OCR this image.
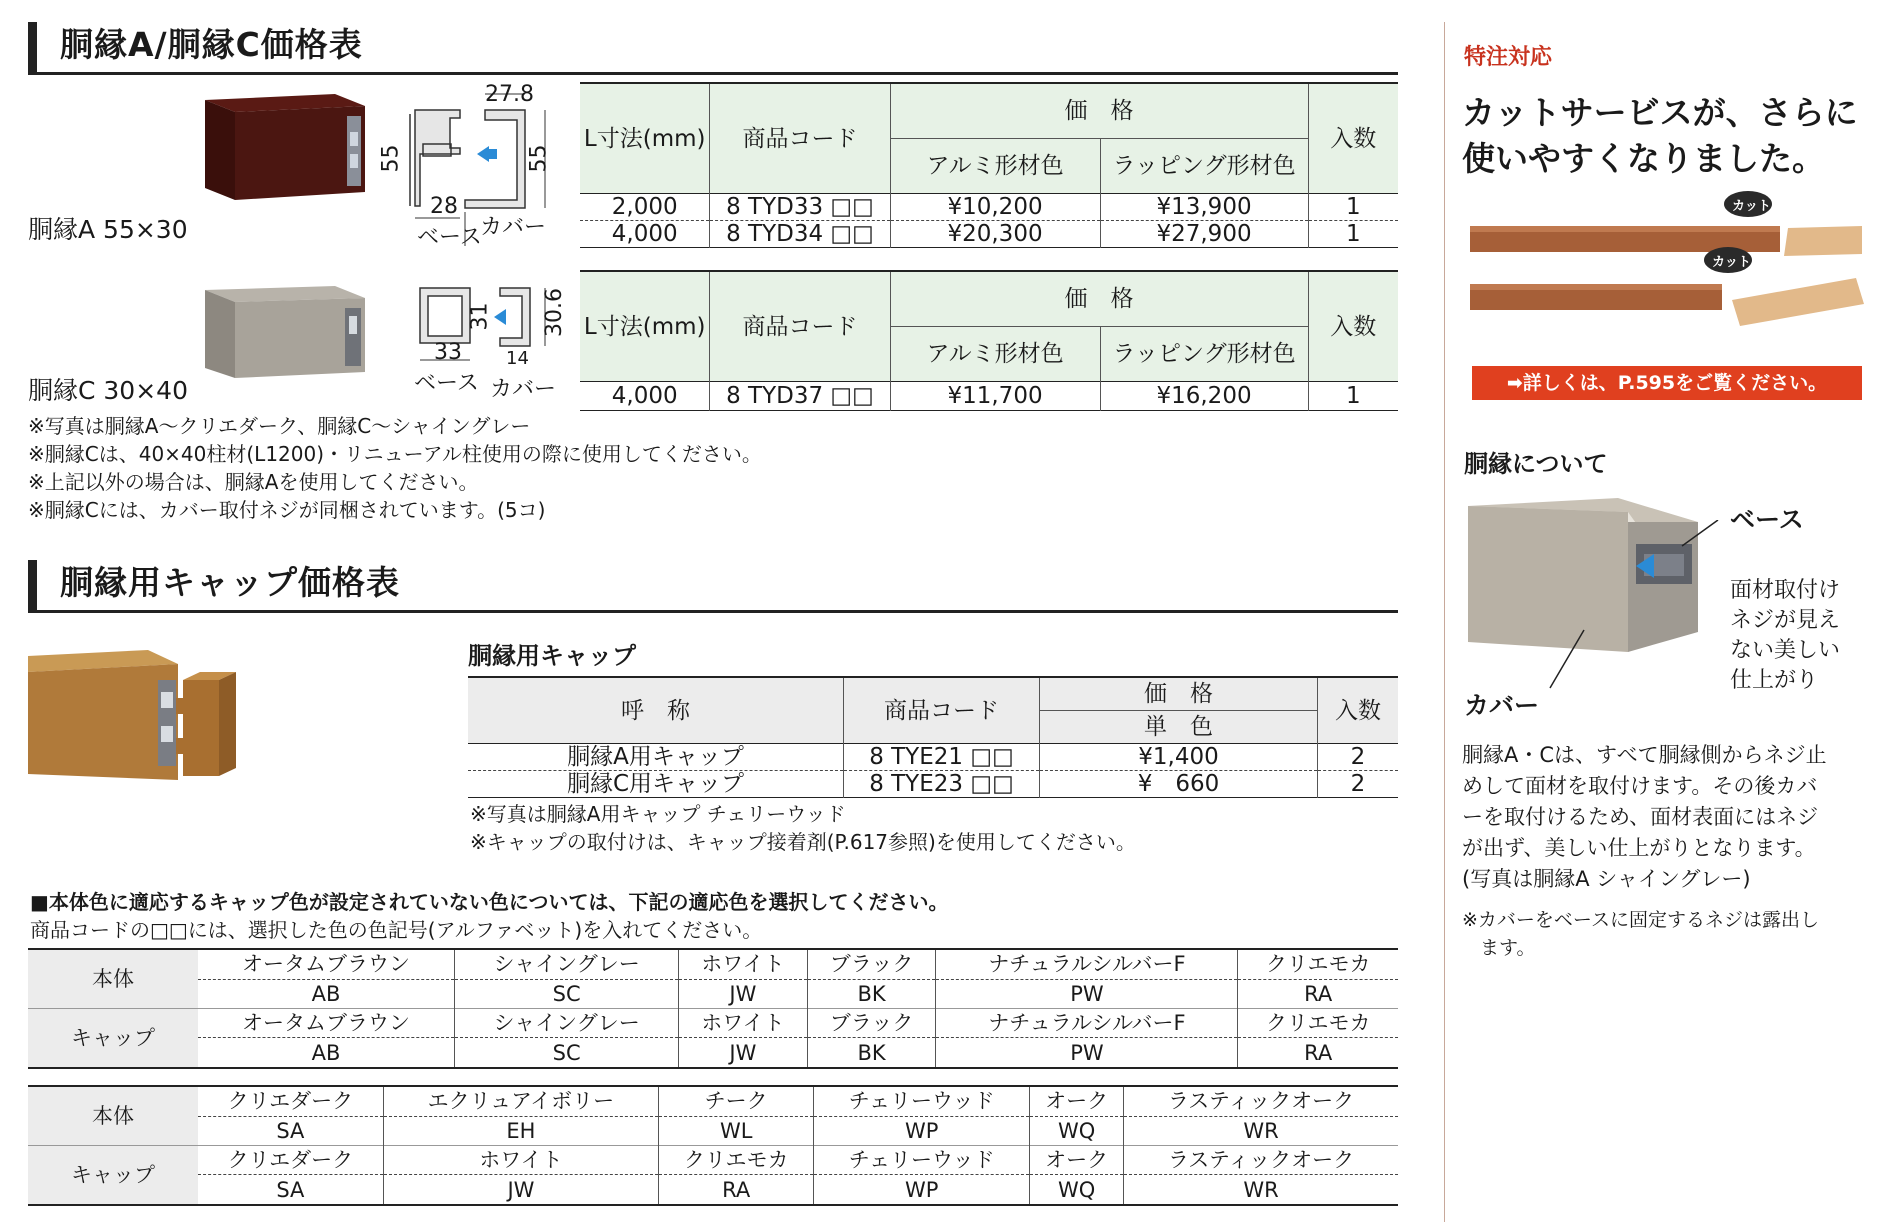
胴縁A/胴縁C価格表
胴縁A 55×30
27.8
55	55
28
ベース
カバー
L寸法(mm)	商品コード	価　格		入数
		アルミ形材色	ラッピング形材色	
2,000	8 TYD33 □□	¥10,200	¥13,900	1
4,000	8 TYD34 □□	¥20,300	¥27,900	1
胴縁C 30×40
33
31 30.6
14
ベース カバー
L寸法(mm)	商品コード	価　格		入数
		アルミ形材色	ラッピング形材色	
4,000	8 TYD37 □□	¥11,700	¥16,200	1
※写真は胴縁A〜クリエダーク、胴縁C〜シャイングレー
※胴縁Cは、40×40柱材(L1200)・リニューアル柱使用の際に使用してください。
※上記以外の場合は、胴縁Aを使用してください。
※胴縁Cには、カバー取付ネジが同梱されています。(5コ)
胴縁用キャップ価格表
胴縁用キャップ
呼　称	商品コード	価　格	入数
		単　色	
胴縁A用キャップ	8 TYE21 □□	¥1,400	2
胴縁C用キャップ	8 TYE23 □□	¥　660	2
※写真は胴縁A用キャップ チェリーウッド
※キャップの取付けは、キャップ接着剤(P.617参照)を使用してください。
■本体色に適応するキャップ色が設定されていない色については、下記の適応色を選択してください。
商品コードの□□には、選択した色の色記号(アルファベット)を入れてください。
本体	オータムブラウン	シャイングレー	ホワイト	ブラック	ナチュラルシルバーF	クリエモカ
	AB	SC	JW	BK	PW	RA
キャップ	オータムブラウン	シャイングレー	ホワイト	ブラック	ナチュラルシルバーF	クリエモカ
	AB	SC	JW	BK	PW	RA
本体	クリエダーク	エクリュアイボリー	チーク	チェリーウッド	オーク	ラスティックオーク
	SA	EH	WL	WP	WQ	WR
キャップ	クリエダーク	ホワイト	クリエモカ	チェリーウッド	オーク	ラスティックオーク
	SA	JW	RA	WP	WQ	WR
特注対応
カットサービスが、さらに
使いやすくなりました。
カット
カット
➡詳しくは、P.595をご覧ください。
胴縁について
ベース
カバー
面材取付け
ネジが見え
ない美しい
仕上がり
胴縁A・Cは、すべて胴縁側からネジ止
めして面材を取付けます。その後カバ
ーを取付けるため、面材表面にはネジ
が出ず、美しい仕上がりとなります。
(写真は胴縁A シャイングレー)
※カバーをベースに固定するネジは露出し
ます。
